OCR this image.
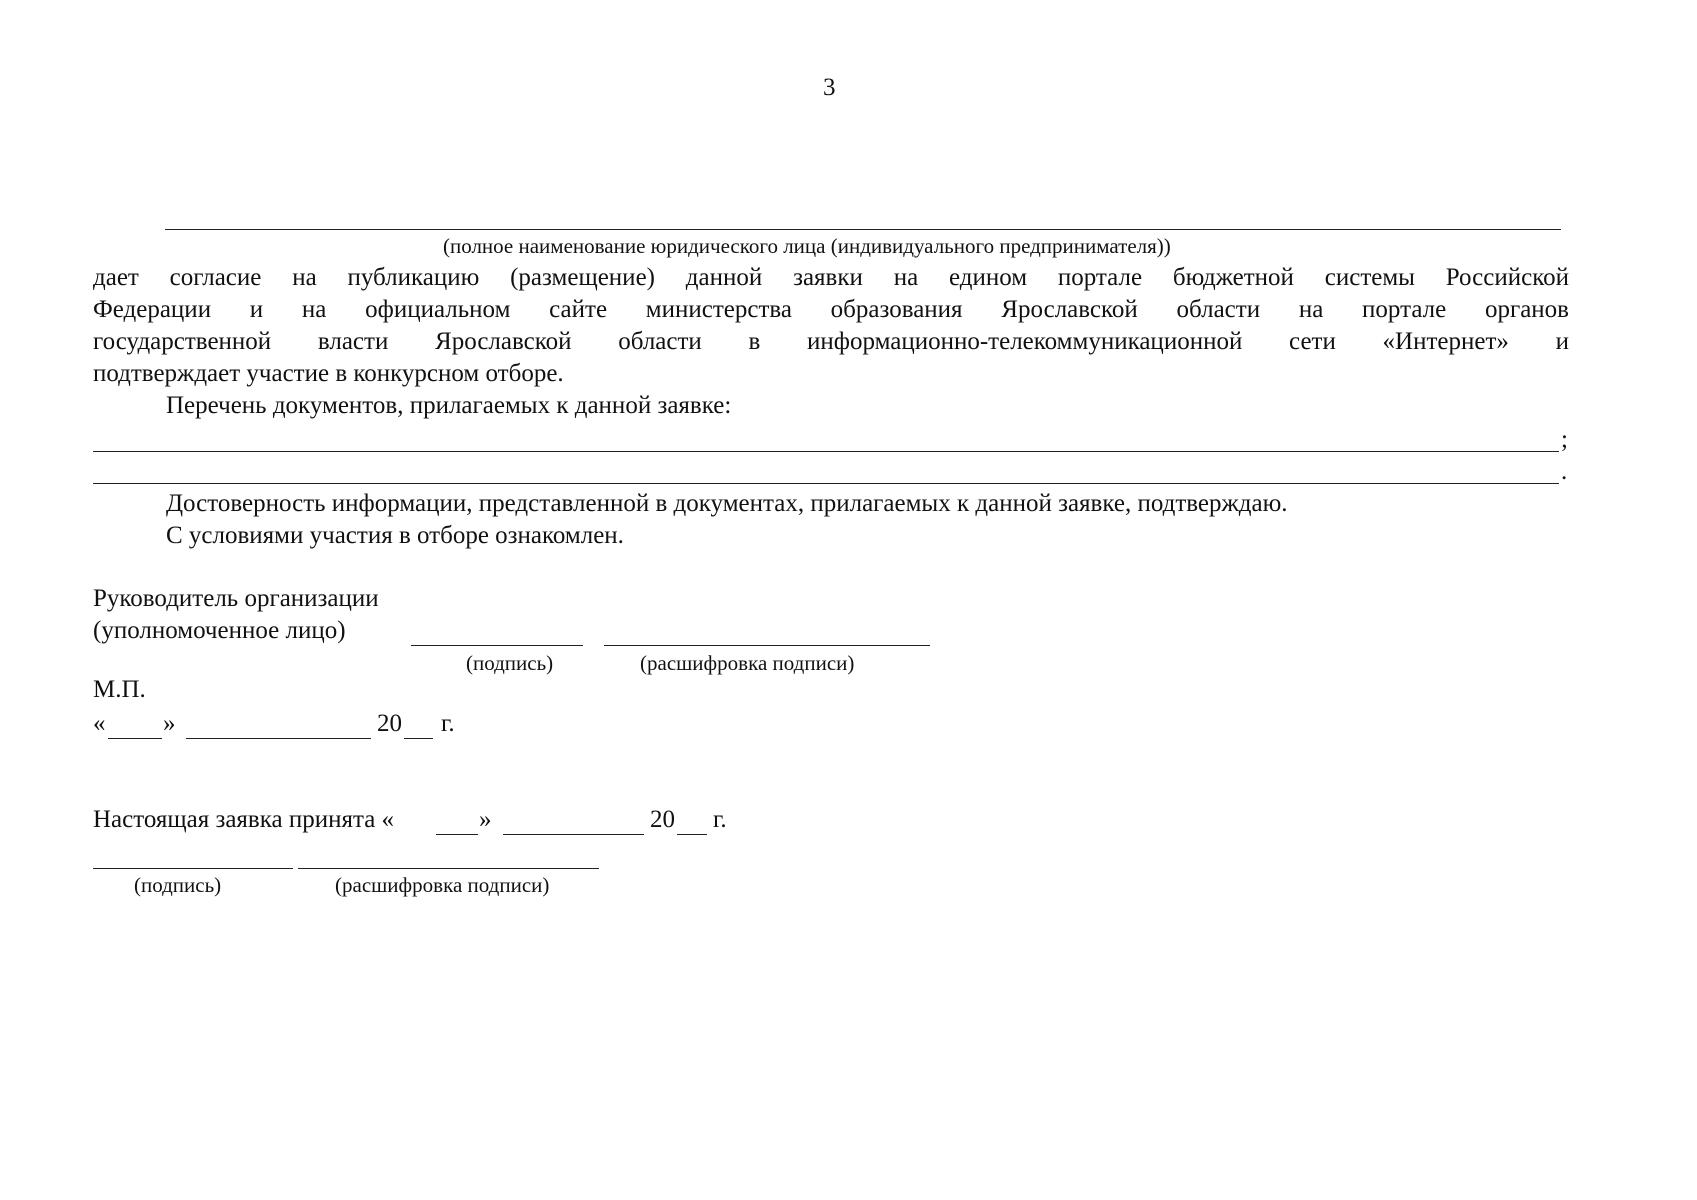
3
(полное наименование юридического лица (индивидуального предпринимателя))
дает согласие на публикацию (размещение) данной заявки на едином портале бюджетной системы Российской
Федерации и на официальном сайте министерства образования Ярославской области на портале органов
государственной власти Ярославской области в информационно-телекоммуникационной сети «Интернет» и
подтверждает участие в конкурсном отборе.
Перечень документов, прилагаемых к данной заявке:
;
.
Достоверность информации, представленной в документах, прилагаемых к данной заявке, подтверждаю.
С условиями участия в отборе ознакомлен.
Руководитель организации
(уполномоченное лицо)
(подпись)	(расшифровка подписи)
М.П.
« »	20 г.
Настоящая заявка принята «	»	20 г.
(подпись)	(расшифровка подписи)
